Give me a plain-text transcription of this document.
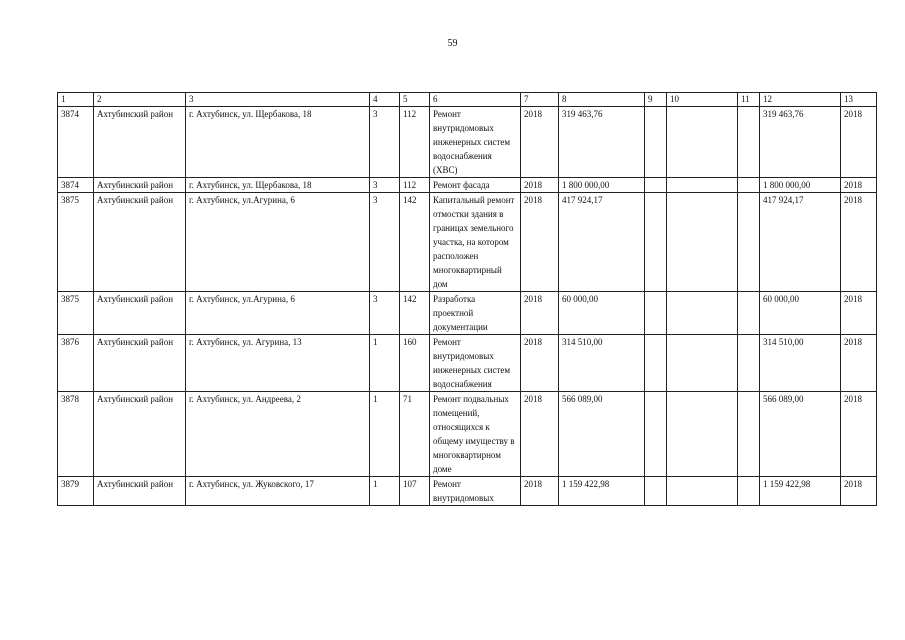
59
1	2	3	4	5	6	7	8	9	10	11	12	13
3874	Ахтубинский район	г. Ахтубинск, ул. Щербакова, 18	3	112	Ремонт внутридомовых инженерных систем водоснабжения (ХВС)	2018	319 463,76				319 463,76	2018
3874	Ахтубинский район	г. Ахтубинск, ул. Щербакова, 18	3	112	Ремонт фасада	2018	1 800 000,00				1 800 000,00	2018
3875	Ахтубинский район	г. Ахтубинск, ул.Агурина, 6	3	142	Капитальный ремонт отмостки здания в границах земельного участка, на котором расположен многоквартирный дом	2018	417 924,17				417 924,17	2018
3875	Ахтубинский район	г. Ахтубинск, ул.Агурина, 6	3	142	Разработка проектной документации	2018	60 000,00				60 000,00	2018
3876	Ахтубинский район	г. Ахтубинск, ул. Агурина, 13	1	160	Ремонт внутридомовых инженерных систем водоснабжения	2018	314 510,00				314 510,00	2018
3878	Ахтубинский район	г. Ахтубинск, ул. Андреева, 2	1	71	Ремонт подвальных помещений, относящихся к общему имуществу в многоквартирном доме	2018	566 089,00				566 089,00	2018
3879	Ахтубинский район	г. Ахтубинск, ул. Жуковского, 17	1	107	Ремонт внутридомовых	2018	1 159 422,98				1 159 422,98	2018
